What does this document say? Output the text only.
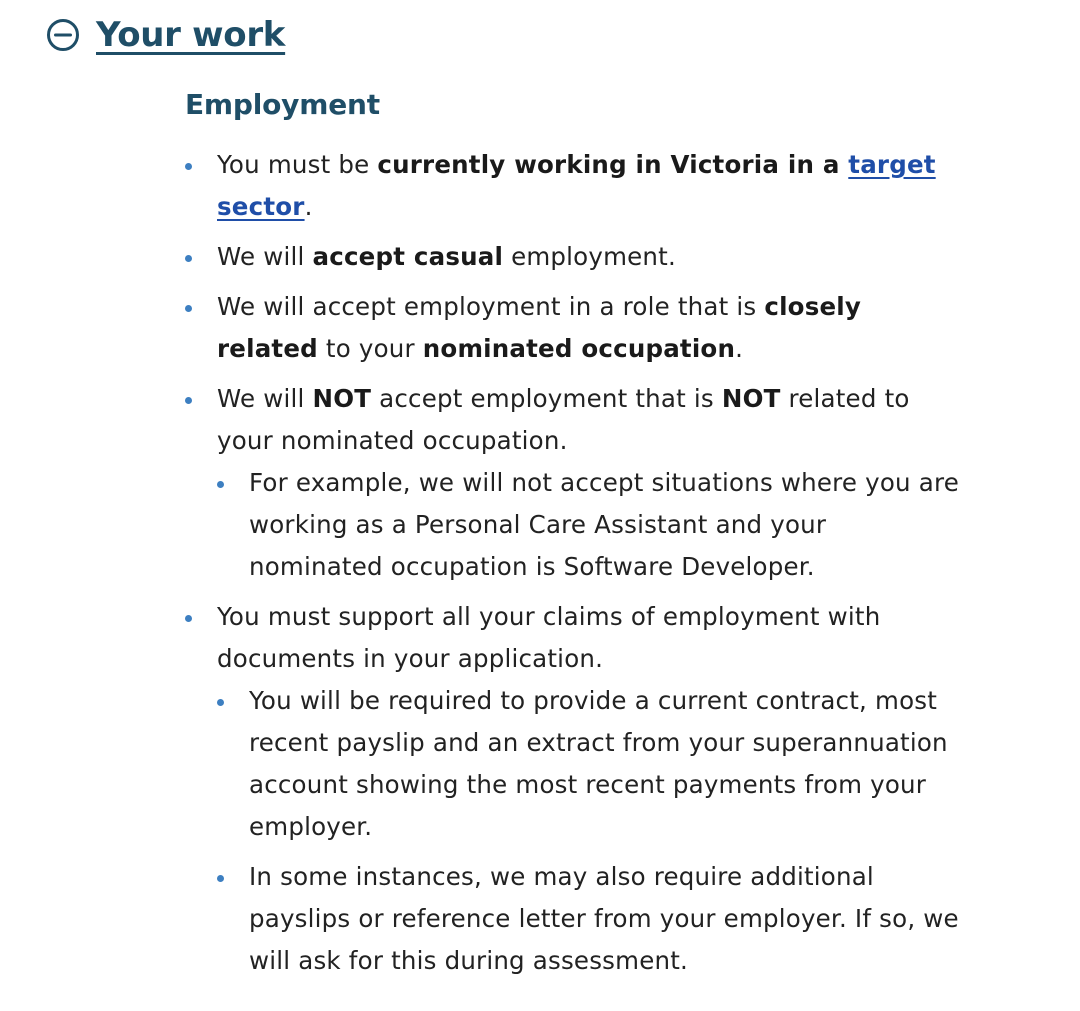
Your work
Employment
You must be currently working in Victoria in a target sector.
We will accept casual employment.
We will accept employment in a role that is closely related to your nominated occupation.
We will NOT accept employment that is NOT related to your nominated occupation.
For example, we will not accept situations where you are working as a Personal Care Assistant and your nominated occupation is Software Developer.
You must support all your claims of employment with documents in your application.
You will be required to provide a current contract, most recent payslip and an extract from your superannuation account showing the most recent payments from your employer.
In some instances, we may also require additional payslips or reference letter from your employer. If so, we will ask for this during assessment.
